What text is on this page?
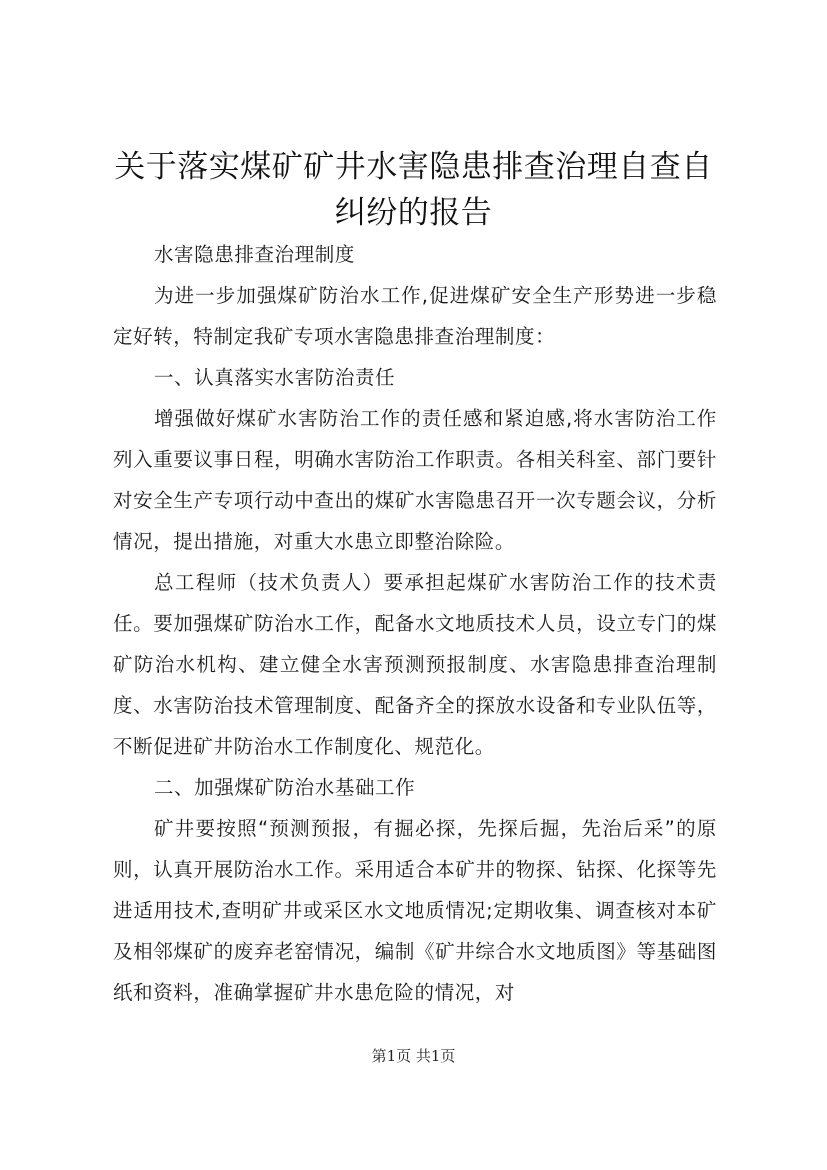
关于落实煤矿矿井水害隐患排查治理自查自纠纷的报告

水害隐患排查治理制度

为进一步加强煤矿防治水工作,促进煤矿安全生产形势进一步稳定好转，特制定我矿专项水害隐患排查治理制度：

一、认真落实水害防治责任

增强做好煤矿水害防治工作的责任感和紧迫感,将水害防治工作列入重要议事日程，明确水害防治工作职责。各相关科室、部门要针对安全生产专项行动中查出的煤矿水害隐患召开一次专题会议，分析情况，提出措施，对重大水患立即整治除险。

总工程师（技术负责人）要承担起煤矿水害防治工作的技术责任。要加强煤矿防治水工作，配备水文地质技术人员，设立专门的煤矿防治水机构、建立健全水害预测预报制度、水害隐患排查治理制度、水害防治技术管理制度、配备齐全的探放水设备和专业队伍等，不断促进矿井防治水工作制度化、规范化。

二、加强煤矿防治水基础工作

矿井要按照“预测预报，有掘必探，先探后掘，先治后采”的原则，认真开展防治水工作。采用适合本矿井的物探、钻探、化探等先进适用技术,查明矿井或采区水文地质情况;定期收集、调查核对本矿及相邻煤矿的废弃老窑情况，编制《矿井综合水文地质图》等基础图纸和资料，准确掌握矿井水患危险的情况，对

第1页 共1页
